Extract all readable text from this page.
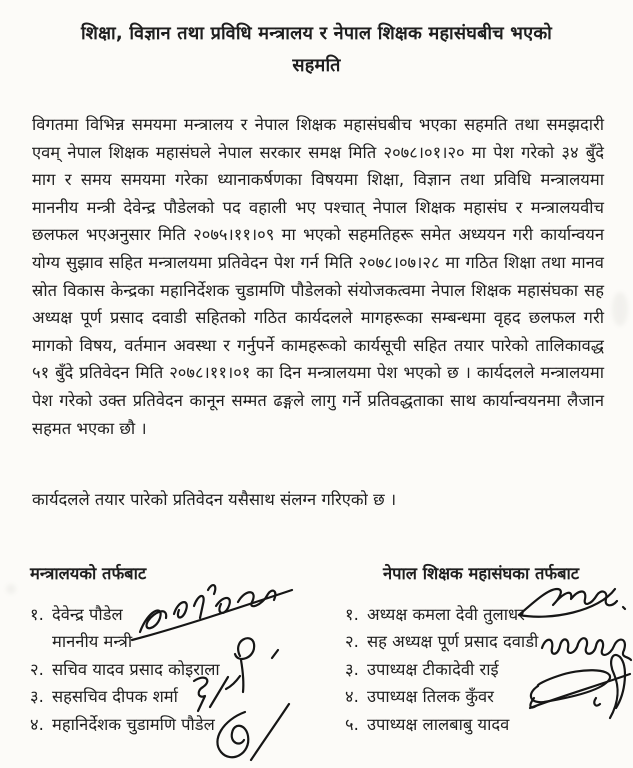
शिक्षा, विज्ञान तथा प्रविधि मन्त्रालय र नेपाल शिक्षक महासंघबीच भएको
सहमति
विगतमा विभिन्न समयमा मन्त्रालय र नेपाल शिक्षक महासंघबीच भएका सहमति तथा समझदारी एवम् नेपाल शिक्षक महासंघले नेपाल सरकार समक्ष मिति २०७८।०१।२० मा पेश गरेको ३४ बुँदे माग र समय समयमा गरेका ध्यानाकर्षणका विषयमा शिक्षा, विज्ञान तथा प्रविधि मन्त्रालयमा माननीय मन्त्री देवेन्द्र पौडेलको पद वहाली भए पश्चात् नेपाल शिक्षक महासंघ र मन्त्रालयवीच छलफल भएअनुसार मिति २०७५।११।०९ मा भएको सहमतिहरू समेत अध्ययन गरी कार्यान्वयन योग्य सुझाव सहित मन्त्रालयमा प्रतिवेदन पेश गर्न मिति २०७८।०७।२८ मा गठित शिक्षा तथा मानव स्रोत विकास केन्द्रका महानिर्देशक चुडामणि पौडेलको संयोजकत्वमा नेपाल शिक्षक महासंघका सह अध्यक्ष पूर्ण प्रसाद दवाडी सहितको गठित कार्यदलले मागहरूका सम्बन्धमा वृहद छलफल गरी मागको विषय, वर्तमान अवस्था र गर्नुपर्ने कामहरूको कार्यसूची सहित तयार पारेको तालिकावद्ध ५१ बुँदे प्रतिवेदन मिति २०७८।११।०१ का दिन मन्त्रालयमा पेश भएको छ । कार्यदलले मन्त्रालयमा पेश गरेको उक्त प्रतिवेदन कानून सम्मत ढङ्गले लागु गर्ने प्रतिवद्धताका साथ कार्यान्वयनमा लैजान सहमत भएका छौ ।
कार्यदलले तयार पारेको प्रतिवेदन यसैसाथ संलग्न गरिएको छ ।
मन्त्रालयको तर्फबाट
१. देवेन्द्र पौडेल
माननीय मन्त्री
२. सचिव यादव प्रसाद कोइराला
३. सहसचिव दीपक शर्मा
४. महानिर्देशक चुडामणि पौडेल
नेपाल शिक्षक महासंघका तर्फबाट
१. अध्यक्ष कमला देवी तुलाधर
२. सह अध्यक्ष पूर्ण प्रसाद दवाडी
३. उपाध्यक्ष टीकादेवी राई
४. उपाध्यक्ष तिलक कुँवर
५. उपाध्यक्ष लालबाबु यादव
